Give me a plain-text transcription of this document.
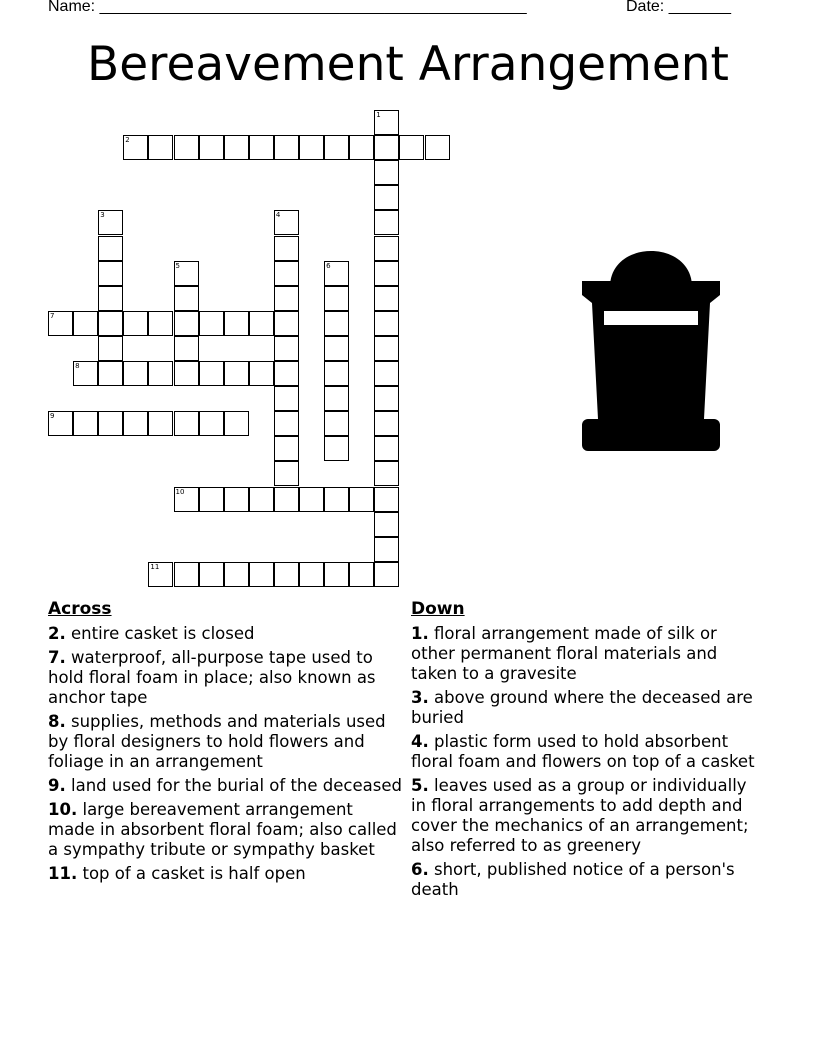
Name: ________________________________________________	Date: _______
Bereavement Arrangement
1
2
3	4
5	6
7
8
9
10
11
Across
2. entire casket is closed
7. waterproof, all-purpose tape used to hold floral foam in place; also known as anchor tape
8. supplies, methods and materials used by floral designers to hold flowers and foliage in an arrangement
9. land used for the burial of the deceased
10. large bereavement arrangement made in absorbent floral foam; also called a sympathy tribute or sympathy basket
11. top of a casket is half open
Down
1. floral arrangement made of silk or other permanent floral materials and taken to a gravesite
3. above ground where the deceased are buried
4. plastic form used to hold absorbent floral foam and flowers on top of a casket
5. leaves used as a group or individually in floral arrangements to add depth and cover the mechanics of an arrangement; also referred to as greenery
6. short, published notice of a person's death
